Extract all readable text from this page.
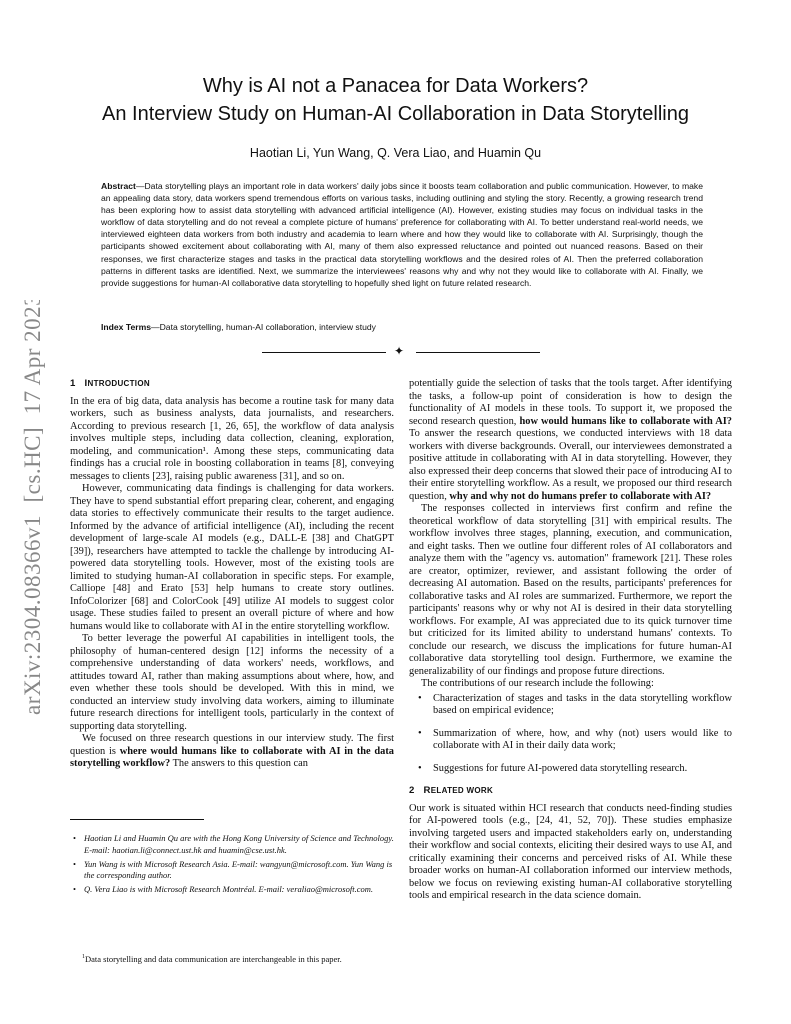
arXiv:2304.08366v1  [cs.HC]  17 Apr 2023
Why is AI not a Panacea for Data Workers?
An Interview Study on Human-AI Collaboration in Data Storytelling
Haotian Li, Yun Wang, Q. Vera Liao, and Huamin Qu
Abstract—Data storytelling plays an important role in data workers' daily jobs since it boosts team collaboration and public communication. However, to make an appealing data story, data workers spend tremendous efforts on various tasks, including outlining and styling the story. Recently, a growing research trend has been exploring how to assist data storytelling with advanced artificial intelligence (AI). However, existing studies may focus on individual tasks in the workflow of data storytelling and do not reveal a complete picture of humans' preference for collaborating with AI. To better understand real-world needs, we interviewed eighteen data workers from both industry and academia to learn where and how they would like to collaborate with AI. Surprisingly, though the participants showed excitement about collaborating with AI, many of them also expressed reluctance and pointed out nuanced reasons. Based on their responses, we first characterize stages and tasks in the practical data storytelling workflows and the desired roles of AI. Then the preferred collaboration patterns in different tasks are identified. Next, we summarize the interviewees' reasons why and why not they would like to collaborate with AI. Finally, we provide suggestions for human-AI collaborative data storytelling to hopefully shed light on future related research.
Index Terms—Data storytelling, human-AI collaboration, interview study
✦
1 INTRODUCTION

In the era of big data, data analysis has become a routine task for many data workers, such as business analysts, data journalists, and researchers. According to previous research [1, 26, 65], the workflow of data analysis involves multiple steps, including data collection, cleaning, exploration, modeling, and communication¹. Among these steps, communicating data findings has a crucial role in boosting collaboration in teams [8], conveying messages to clients [23], raising public awareness [31], and so on.

However, communicating data findings is challenging for data workers. They have to spend substantial effort preparing clear, coherent, and engaging data stories to effectively communicate their results to the target audience. Informed by the advance of artificial intelligence (AI), including the recent development of large-scale AI models (e.g., DALL-E [38] and ChatGPT [39]), researchers have attempted to tackle the challenge by introducing AI-powered data storytelling tools. However, most of the existing tools are limited to studying human-AI collaboration in specific steps. For example, Calliope [48] and Erato [53] help humans to create story outlines. InfoColorizer [68] and ColorCook [49] utilize AI models to suggest color usage. These studies failed to present an overall picture of where and how humans would like to collaborate with AI in the entire storytelling workflow.

To better leverage the powerful AI capabilities in intelligent tools, the philosophy of human-centered design [12] informs the necessity of a comprehensive understanding of data workers' needs, workflows, and attitudes toward AI, rather than making assumptions about where, how, and even whether these tools should be developed. With this in mind, we conducted an interview study involving data workers, aiming to illuminate future research directions for intelligent tools, particularly in the context of supporting data storytelling.

We focused on three research questions in our interview study. The first question is where would humans like to collaborate with AI in the data storytelling workflow? The answers to this question can

• Haotian Li and Huamin Qu are with the Hong Kong University of Science and Technology. E-mail: haotian.li@connect.ust.hk and huamin@cse.ust.hk.
• Yun Wang is with Microsoft Research Asia. E-mail: wangyun@microsoft.com. Yun Wang is the corresponding author.
• Q. Vera Liao is with Microsoft Research Montréal. E-mail: veraliao@microsoft.com.
$^1$Data storytelling and data communication are interchangeable in this paper.

potentially guide the selection of tasks that the tools target. After identifying the tasks, a follow-up point of consideration is how to design the functionality of AI models in these tools. To support it, we proposed the second research question, how would humans like to collaborate with AI? To answer the research questions, we conducted interviews with 18 data workers with diverse backgrounds. Overall, our interviewees demonstrated a positive attitude in collaborating with AI in data storytelling. However, they also expressed their deep concerns that slowed their pace of introducing AI to their entire storytelling workflow. As a result, we proposed our third research question, why and why not do humans prefer to collaborate with AI?

The responses collected in interviews first confirm and refine the theoretical workflow of data storytelling [31] with empirical results. The workflow involves three stages, planning, execution, and communication, and eight tasks. Then we outline four different roles of AI collaborators and analyze them with the "agency vs. automation" framework [21]. These roles are creator, optimizer, reviewer, and assistant following the order of decreasing AI automation. Based on the results, participants' preferences for collaborative tasks and AI roles are summarized. Furthermore, we report the participants' reasons why or why not AI is desired in their data storytelling workflows. For example, AI was appreciated due to its quick turnover time but criticized for its limited ability to understand humans' contexts. To conclude our research, we discuss the implications for future human-AI collaborative data storytelling tool design. Furthermore, we examine the generalizability of our findings and propose future directions.

The contributions of our research include the following:

• Characterization of stages and tasks in the data storytelling workflow based on empirical evidence;
• Summarization of where, how, and why (not) users would like to collaborate with AI in their daily data work;
• Suggestions for future AI-powered data storytelling research.
2 RELATED WORK

Our work is situated within HCI research that conducts need-finding studies for AI-powered tools (e.g., [24, 41, 52, 70]). These studies emphasize involving targeted users and impacted stakeholders early on, understanding their workflow and social contexts, eliciting their desired ways to use AI, and critically examining their concerns and perceived risks of AI. While these broader works on human-AI collaboration informed our interview methods, below we focus on reviewing existing human-AI collaborative storytelling tools and empirical research in the data science domain.
